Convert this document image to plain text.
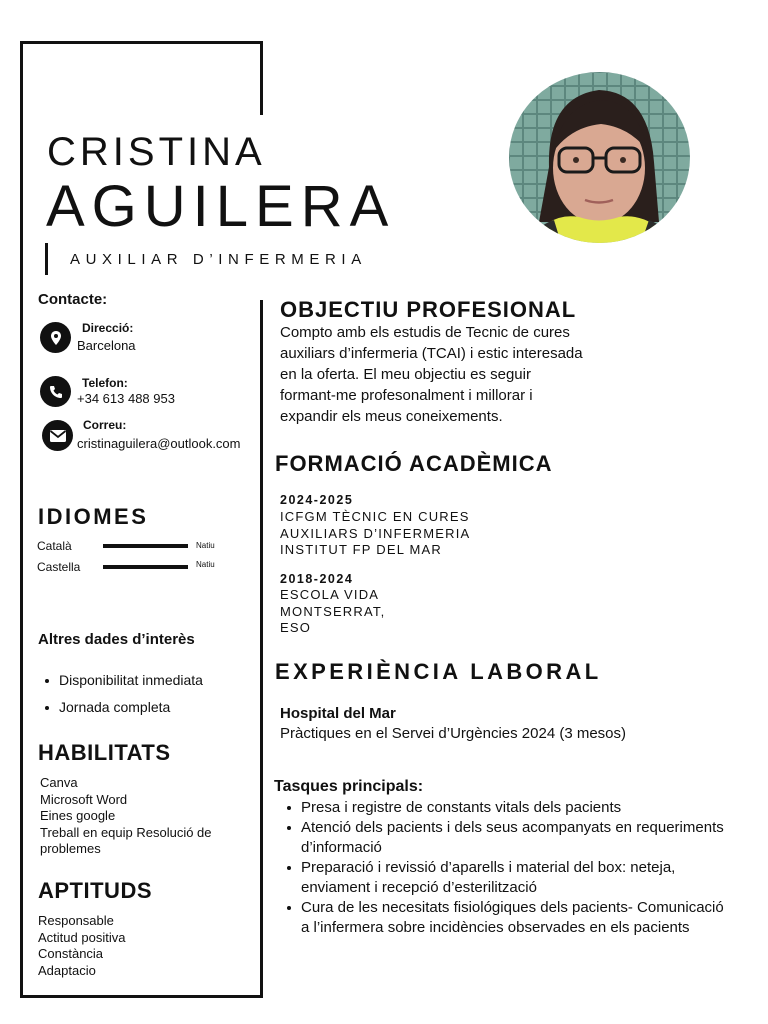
CRISTINA
AGUILERA
AUXILIAR D’INFERMERIA
Contacte:
Direcció:
Barcelona
Telefon:
+34 613 488 953
Correu:
cristinaguilera@outlook.com
IDIOMES
Català	Natiu
Castella	Natiu
Altres dades d’interès
Disponibilitat inmediata
Jornada completa
HABILITATS
Canva
Microsoft Word
Eines google
Treball en equip Resolució de
problemes
APTITUDS
Responsable
Actitud positiva
Constància
Adaptacio
OBJECTIU PROFESIONAL
Compto amb els estudis de Tecnic de cures
auxiliars d’infermeria (TCAI) i estic interesada
en la oferta. El meu objectiu es seguir
formant-me profesonalment i millorar i
expandir els meus coneixements.
FORMACIÓ ACADÈMICA
2024-2025
ICFGM TÈCNIC EN CURES
AUXILIARS D’INFERMERIA
INSTITUT FP DEL MAR
2018-2024
ESCOLA VIDA
MONTSERRAT,
ESO
EXPERIÈNCIA LABORAL
Hospital del Mar
Pràctiques en el Servei d’Urgències 2024 (3 mesos)
Tasques principals:
Presa i registre de constants vitals dels pacients
Atenció dels pacients i dels seus acompanyats en requeriments d’informació
Preparació i revissió d’aparells i material del box: neteja, enviament i recepció d’esterilització
Cura de les necesitats fisiológiques dels pacients- Comunicació a l’infermera sobre incidències observades en els pacients
